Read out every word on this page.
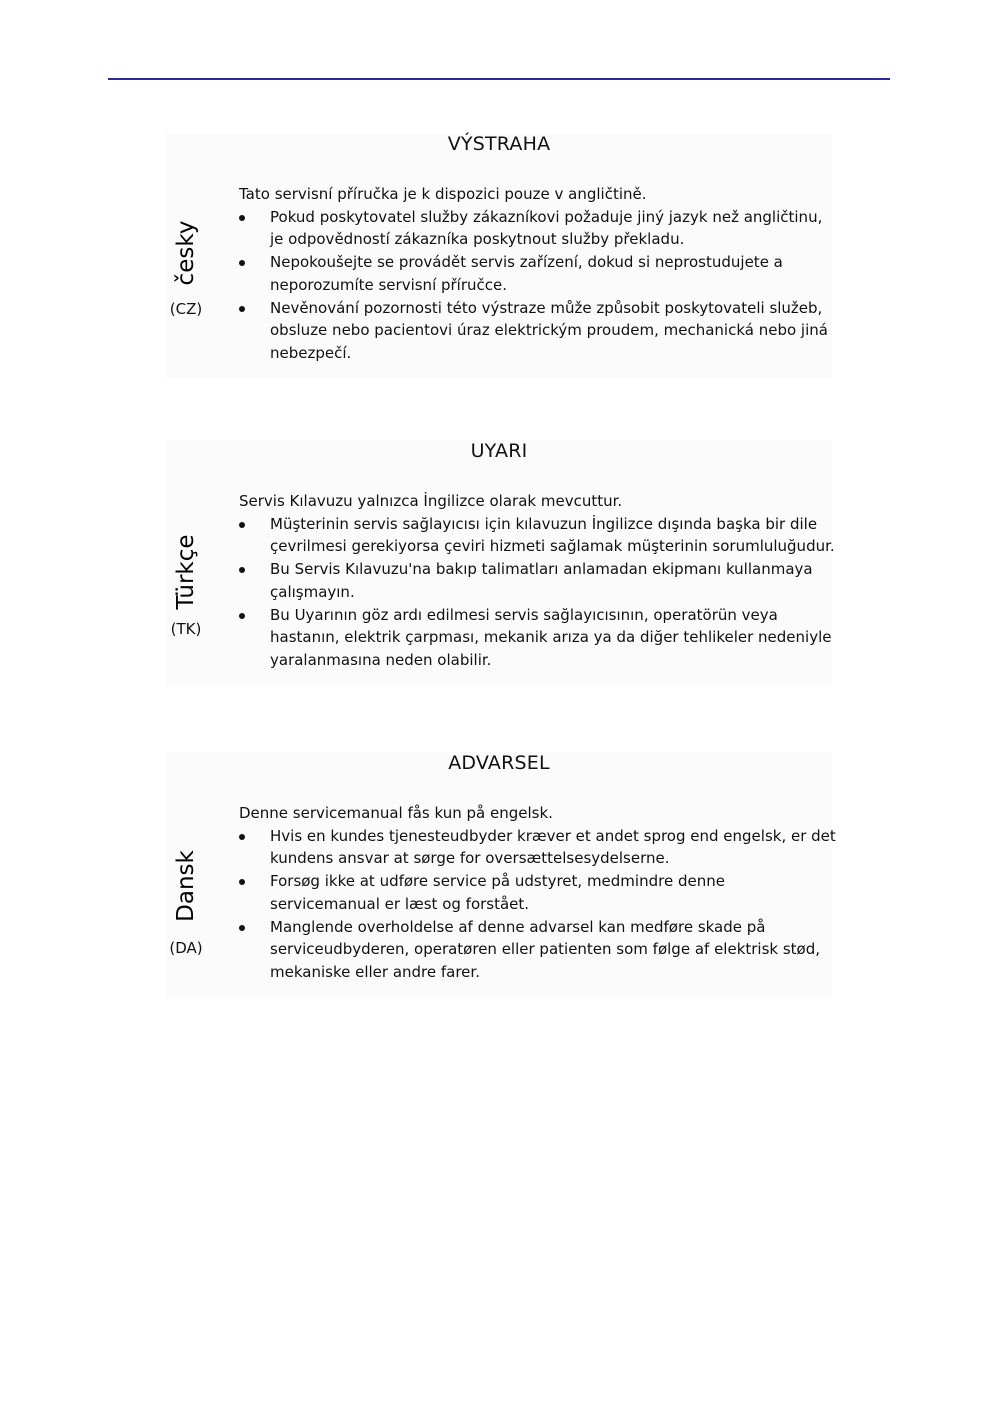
VÝSTRAHA
česky
(CZ)

Tato servisní příručka je k dispozici pouze v angličtině.

Pokud poskytovatel služby zákazníkovi požaduje jiný jazyk než angličtinu, je odpovědností zákazníka poskytnout služby překladu.
Nepokoušejte se provádět servis zařízení, dokud si neprostudujete a neporozumíte servisní příručce.
Nevěnování pozornosti této výstraze může způsobit poskytovateli služeb, obsluze nebo pacientovi úraz elektrickým proudem, mechanická nebo jiná nebezpečí.
UYARI
Türkçe
(TK)

Servis Kılavuzu yalnızca İngilizce olarak mevcuttur.

Müşterinin servis sağlayıcısı için kılavuzun İngilizce dışında başka bir dile çevrilmesi gerekiyorsa çeviri hizmeti sağlamak müşterinin sorumluluğudur.
Bu Servis Kılavuzu'na bakıp talimatları anlamadan ekipmanı kullanmaya çalışmayın.
Bu Uyarının göz ardı edilmesi servis sağlayıcısının, operatörün veya hastanın, elektrik çarpması, mekanik arıza ya da diğer tehlikeler nedeniyle yaralanmasına neden olabilir.
ADVARSEL
Dansk
(DA)

Denne servicemanual fås kun på engelsk.

Hvis en kundes tjenesteudbyder kræver et andet sprog end engelsk, er det kundens ansvar at sørge for oversættelsesydelserne.
Forsøg ikke at udføre service på udstyret, medmindre denne servicemanual er læst og forstået.
Manglende overholdelse af denne advarsel kan medføre skade på serviceudbyderen, operatøren eller patienten som følge af elektrisk stød, mekaniske eller andre farer.
